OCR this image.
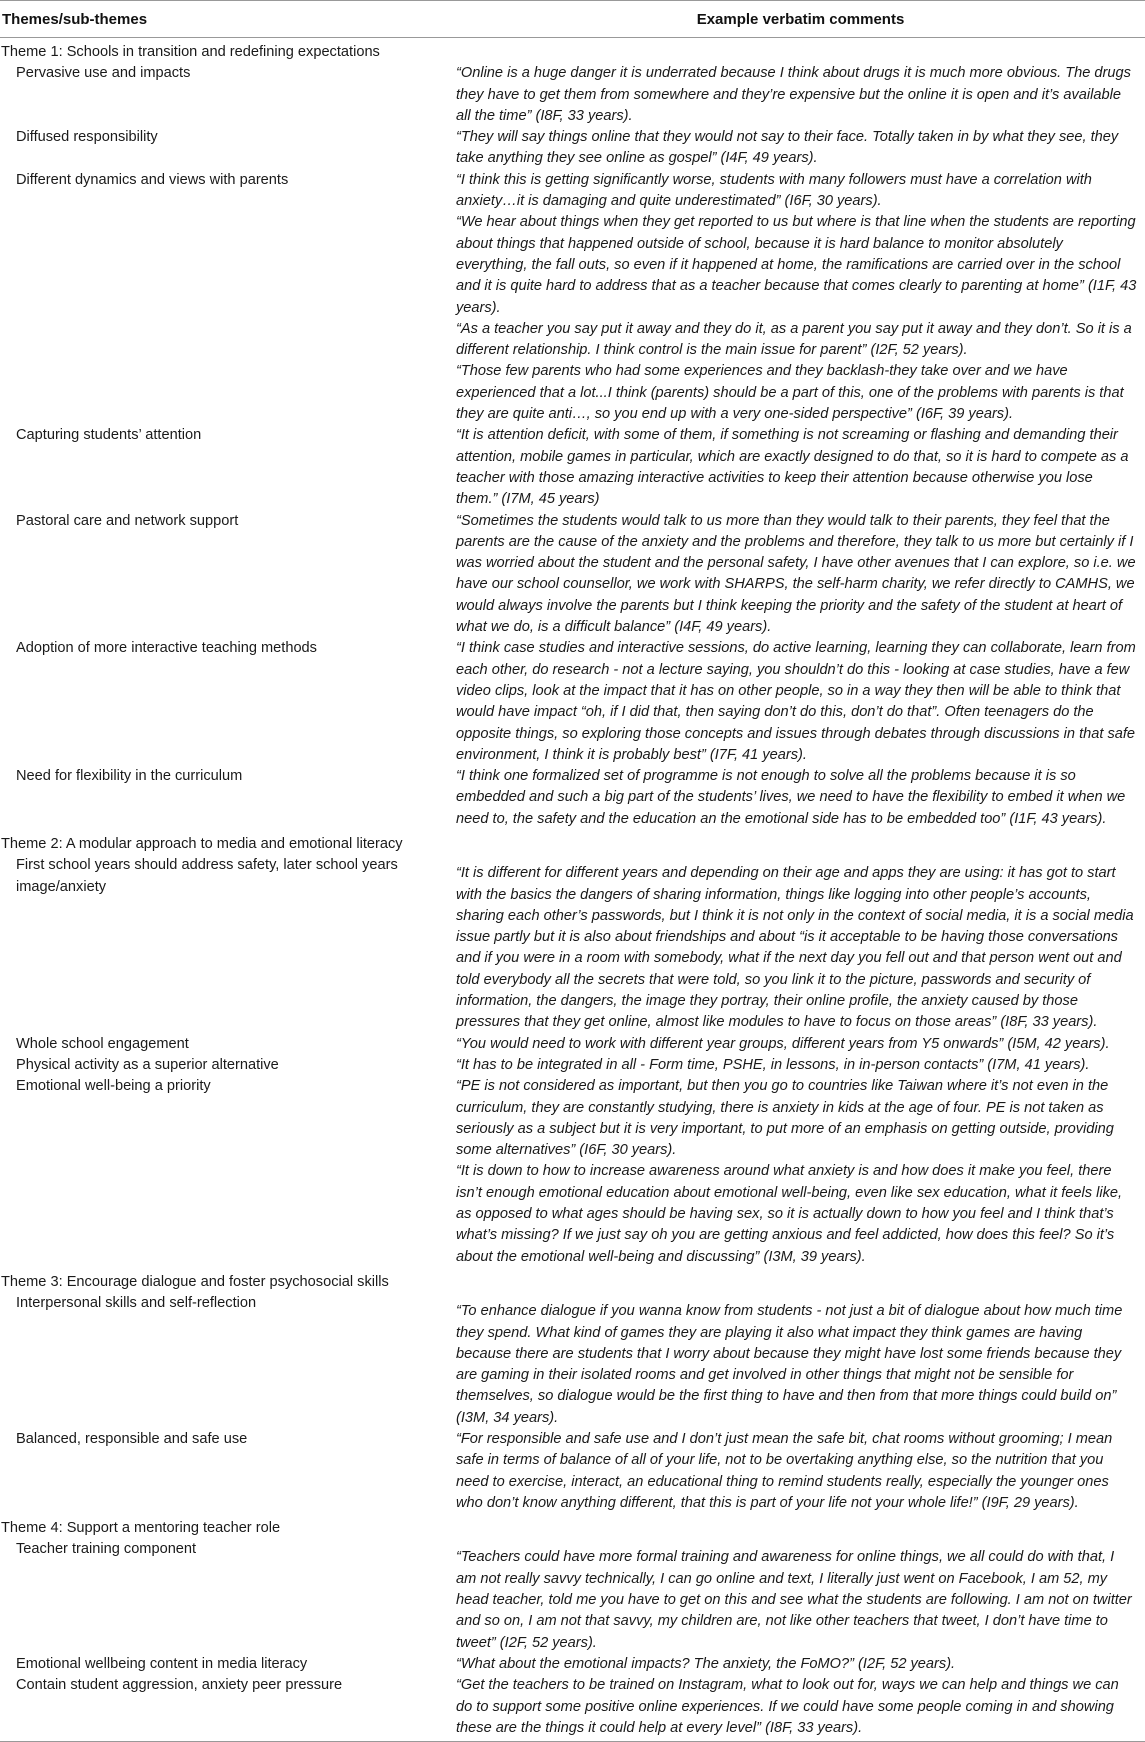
Themes/sub-themes	Example verbatim comments
Theme 1: Schools in transition and redefining expectations	
Pervasive use and impacts	“Online is a huge danger it is underrated because I think about drugs it is much more obvious. The drugs they have to get them from somewhere and they’re expensive but the online it is open and it’s available all the time” (I8F, 33 years).
Diffused responsibility	“They will say things online that they would not say to their face. Totally taken in by what they see, they take anything they see online as gospel” (I4F, 49 years).
Different dynamics and views with parents	“I think this is getting significantly worse, students with many followers must have a correlation with anxiety…it is damaging and quite underestimated” (I6F, 30 years).
“We hear about things when they get reported to us but where is that line when the students are reporting about things that happened outside of school, because it is hard balance to monitor absolutely everything, the fall outs, so even if it happened at home, the ramifications are carried over in the school and it is quite hard to address that as a teacher because that comes clearly to parenting at home” (I1F, 43 years).
“As a teacher you say put it away and they do it, as a parent you say put it away and they don’t. So it is a different relationship. I think control is the main issue for parent” (I2F, 52 years).
“Those few parents who had some experiences and they backlash-they take over and we have experienced that a lot...I think (parents) should be a part of this, one of the problems with parents is that they are quite anti…, so you end up with a very one-sided perspective” (I6F, 39 years).

Capturing students’ attention	“It is attention deficit, with some of them, if something is not screaming or flashing and demanding their attention, mobile games in particular, which are exactly designed to do that, so it is hard to compete as a teacher with those amazing interactive activities to keep their attention because otherwise you lose them.” (I7M, 45 years)
Pastoral care and network support	“Sometimes the students would talk to us more than they would talk to their parents, they feel that the parents are the cause of the anxiety and the problems and therefore, they talk to us more but certainly if I was worried about the student and the personal safety, I have other avenues that I can explore, so i.e. we have our school counsellor, we work with SHARPS, the self-harm charity, we refer directly to CAMHS, we would always involve the parents but I think keeping the priority and the safety of the student at heart of what we do, is a difficult balance” (I4F, 49 years).
Adoption of more interactive teaching methods	“I think case studies and interactive sessions, do active learning, learning they can collaborate, learn from each other, do research - not a lecture saying, you shouldn’t do this - looking at case studies, have a few video clips, look at the impact that it has on other people, so in a way they then will be able to think that would have impact “oh, if I did that, then saying don’t do this, don’t do that”. Often teenagers do the opposite things, so exploring those concepts and issues through debates through discussions in that safe environment, I think it is probably best” (I7F, 41 years).
Need for flexibility in the curriculum	“I think one formalized set of programme is not enough to solve all the problems because it is so embedded and such a big part of the students’ lives, we need to have the flexibility to embed it when we need to, the safety and the education an the emotional side has to be embedded too” (I1F, 43 years).
Theme 2: A modular approach to media and emotional literacy	
First school years should address safety, later school years image/anxiety	“It is different for different years and depending on their age and apps they are using: it has got to start with the basics the dangers of sharing information, things like logging into other people’s accounts, sharing each other’s passwords, but I think it is not only in the context of social media, it is a social media issue partly but it is also about friendships and about “is it acceptable to be having those conversations and if you were in a room with somebody, what if the next day you fell out and that person went out and told everybody all the secrets that were told, so you link it to the picture, passwords and security of information, the dangers, the image they portray, their online profile, the anxiety caused by those pressures that they get online, almost like modules to have to focus on those areas” (I8F, 33 years).
Whole school engagement	“You would need to work with different year groups, different years from Y5 onwards” (I5M, 42 years).
Physical activity as a superior alternative	“It has to be integrated in all - Form time, PSHE, in lessons, in in-person contacts” (I7M, 41 years).
Emotional well-being a priority	“PE is not considered as important, but then you go to countries like Taiwan where it’s not even in the curriculum, they are constantly studying, there is anxiety in kids at the age of four. PE is not taken as seriously as a subject but it is very important, to put more of an emphasis on getting outside, providing some alternatives” (I6F, 30 years).
“It is down to how to increase awareness around what anxiety is and how does it make you feel, there isn’t enough emotional education about emotional well-being, even like sex education, what it feels like, as opposed to what ages should be having sex, so it is actually down to how you feel and I think that’s what’s missing? If we just say oh you are getting anxious and feel addicted, how does this feel? So it’s about the emotional well-being and discussing” (I3M, 39 years).

Theme 3: Encourage dialogue and foster psychosocial skills	
Interpersonal skills and self-reflection	“To enhance dialogue if you wanna know from students - not just a bit of dialogue about how much time they spend. What kind of games they are playing it also what impact they think games are having because there are students that I worry about because they might have lost some friends because they are gaming in their isolated rooms and get involved in other things that might not be sensible for themselves, so dialogue would be the first thing to have and then from that more things could build on” (I3M, 34 years).
Balanced, responsible and safe use	“For responsible and safe use and I don’t just mean the safe bit, chat rooms without grooming; I mean safe in terms of balance of all of your life, not to be overtaking anything else, so the nutrition that you need to exercise, interact, an educational thing to remind students really, especially the younger ones who don’t know anything different, that this is part of your life not your whole life!” (I9F, 29 years).
Theme 4: Support a mentoring teacher role	
Teacher training component	“Teachers could have more formal training and awareness for online things, we all could do with that, I am not really savvy technically, I can go online and text, I literally just went on Facebook, I am 52, my head teacher, told me you have to get on this and see what the students are following. I am not on twitter and so on, I am not that savvy, my children are, not like other teachers that tweet, I don’t have time to tweet” (I2F, 52 years).
Emotional wellbeing content in media literacy	“What about the emotional impacts? The anxiety, the FoMO?” (I2F, 52 years).
Contain student aggression, anxiety peer pressure	“Get the teachers to be trained on Instagram, what to look out for, ways we can help and things we can do to support some positive online experiences. If we could have some people coming in and showing these are the things it could help at every level” (I8F, 33 years).
